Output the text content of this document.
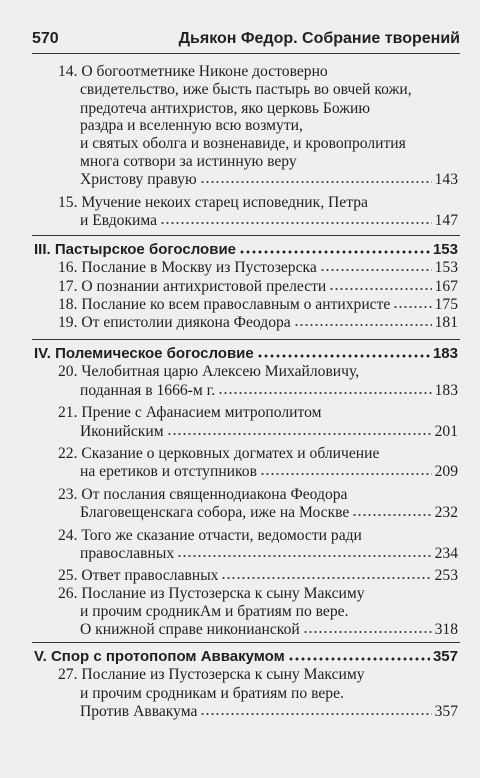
570	Дьякон Федор. Собрание творений
14. О богоотметнике Никоне достоверно
свидетельство, иже бысть пастырь во овчей кожи,
предотеча антихристов, яко церковь Божию
раздра и вселенную всю возмути,
и святых оболга и возненавиде, и кровопролития
многа сотвори за истинную веру
Христову правую	143
15. Мучение некоих старец исповедник, Петра
и Евдокима	147
III. Пастырское богословие	153
16. Послание в Москву из Пустозерска	153
17. О познании антихристовой прелести	167
18. Послание ко всем православным о антихристе	175
19. От епистолии диякона Феодора	181
IV. Полемическое богословие	183
20. Челобитная царю Алексею Михайловичу,
поданная в 1666-м г.	183
21. Прение с Афанасием митрополитом
Иконийским	201
22. Сказание о церковных догматех и обличение
на еретиков и отступников	209
23. От послания священнодиакона Феодора
Благовещенскага собора, иже на Москве	232
24. Того же сказание отчасти, ведомости ради
православных	234
25. Ответ православных	253
26. Послание из Пустозерска к сыну Максиму
и прочим сродникАм и братиям по вере.
О книжной справе никонианской	318
V. Спор с протопопом Аввакумом	357
27. Послание из Пустозерска к сыну Максиму
и прочим сродникам и братиям по вере.
Против Аввакума	357
